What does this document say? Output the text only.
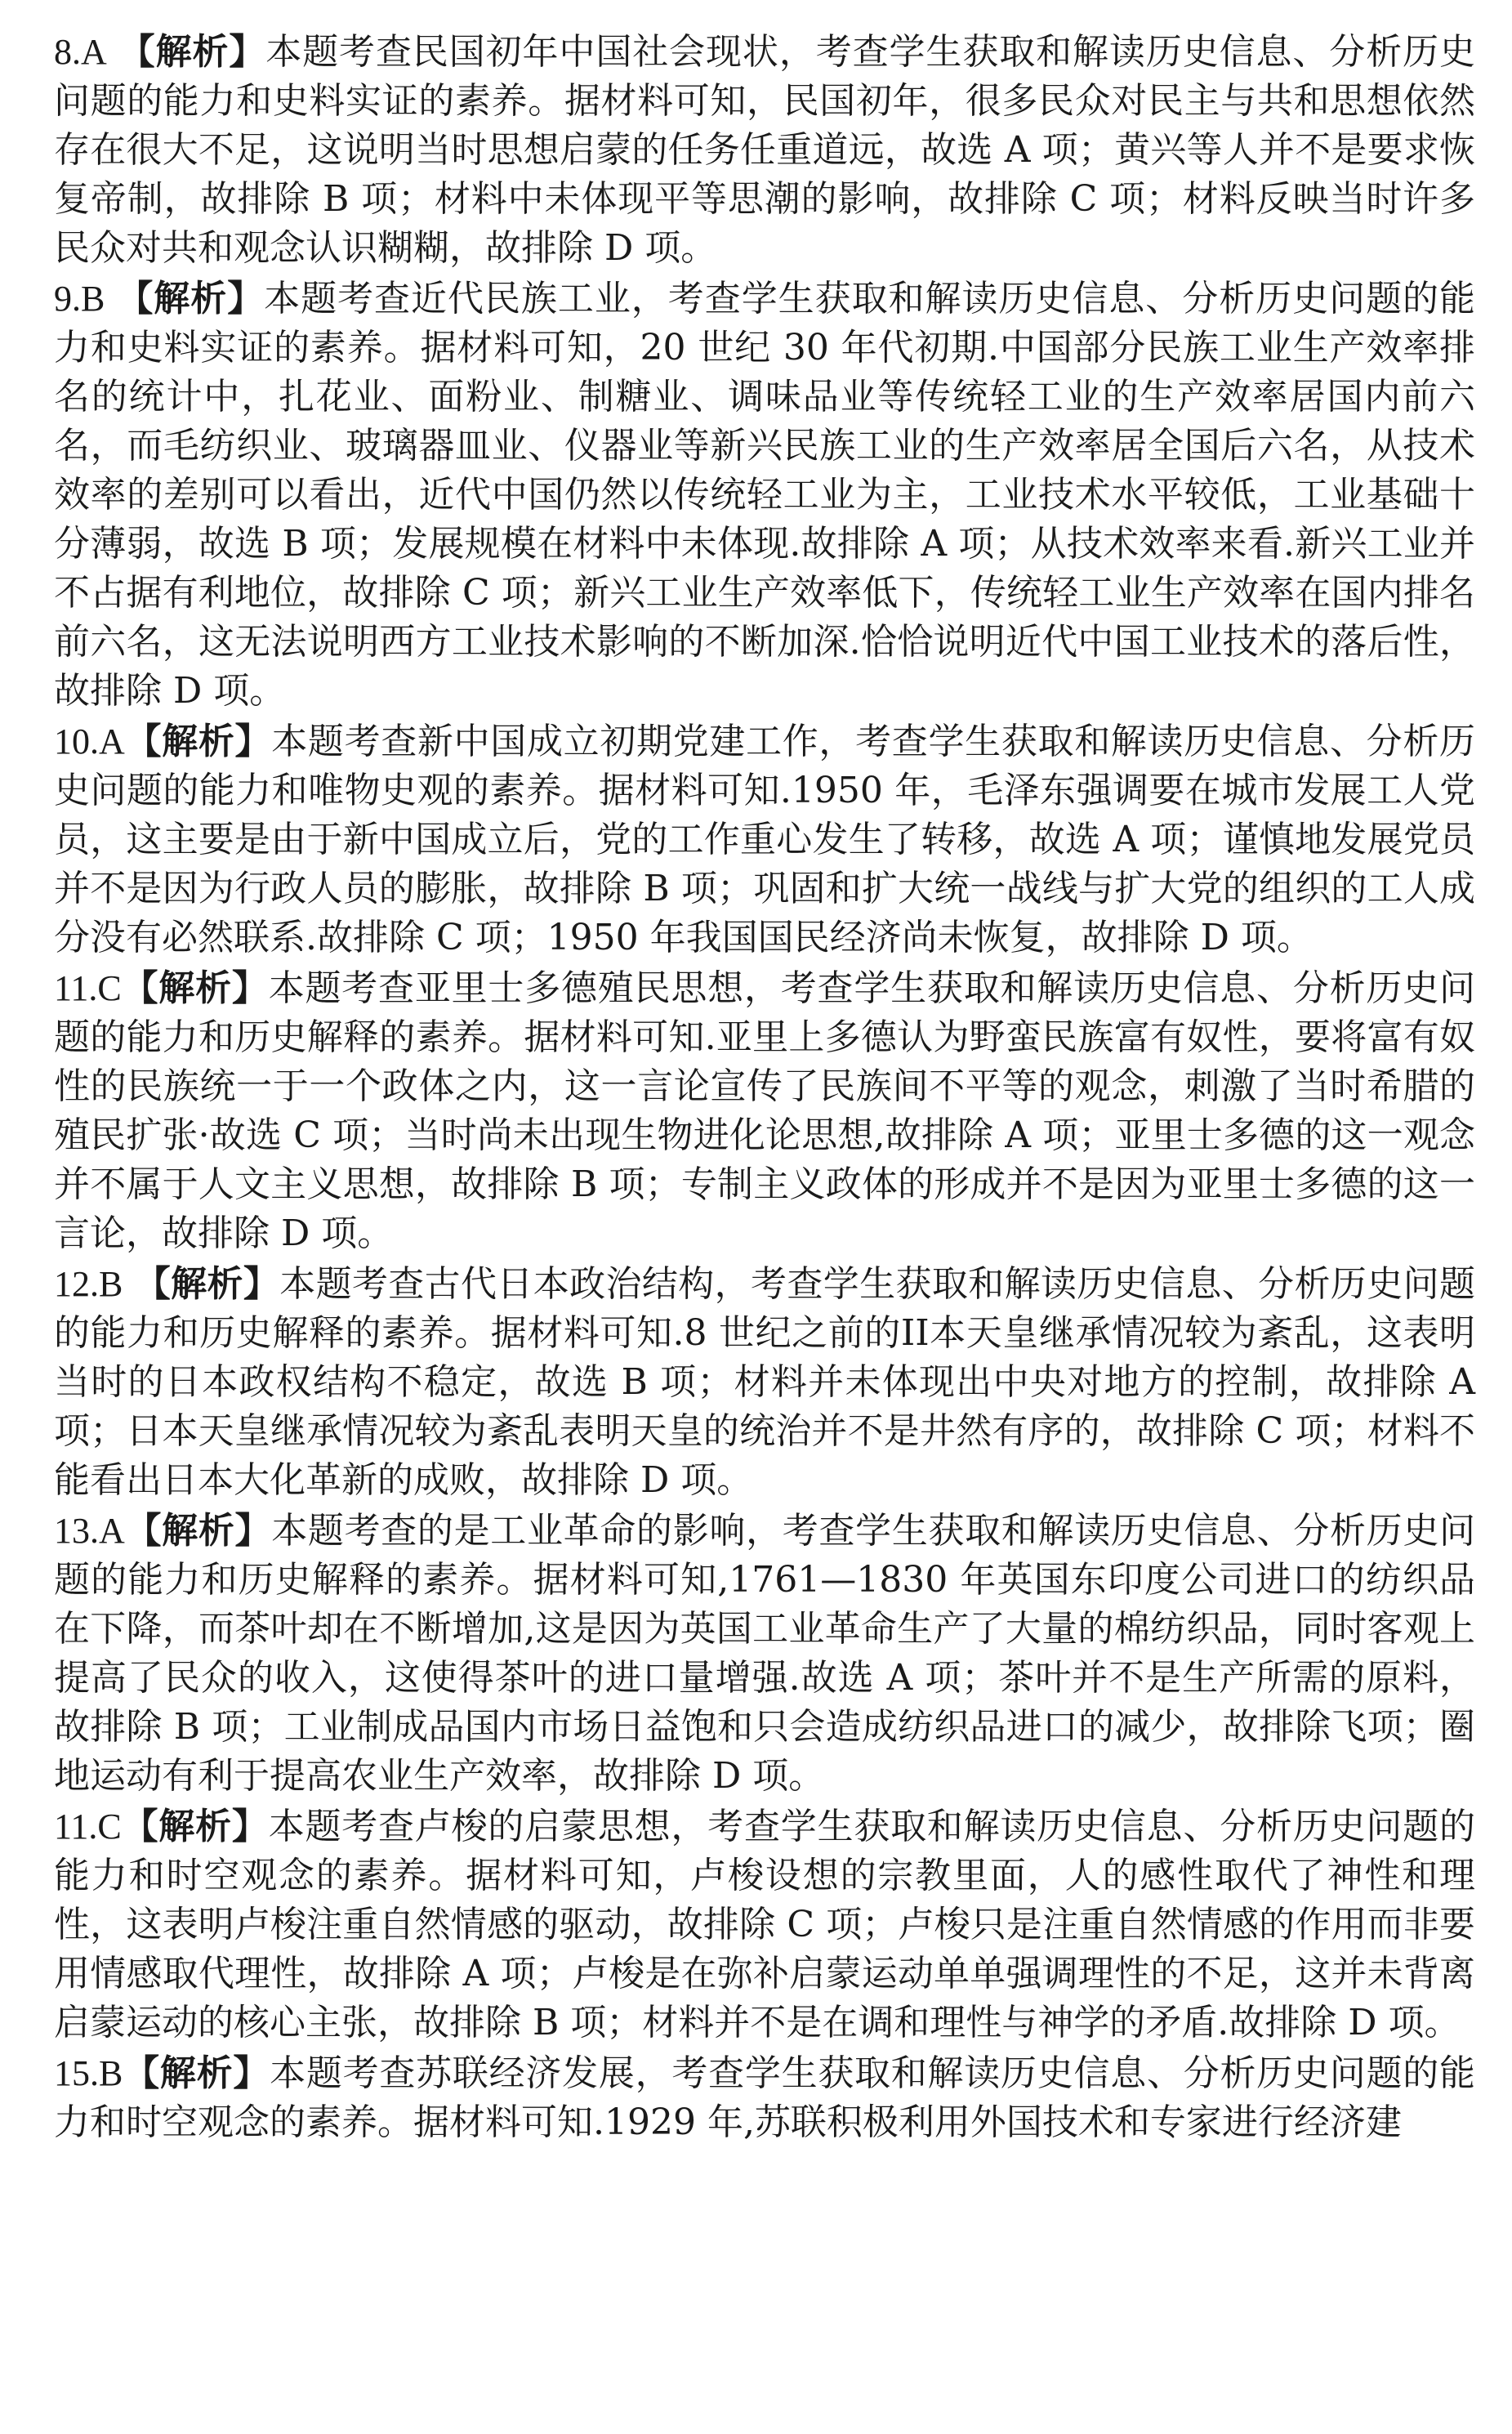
8.A 【解析】本题考查民国初年中国社会现状，考查学生获取和解读历史信息、分析历史问题的能力和史料实证的素养。据材料可知，民国初年，很多民众对民主与共和思想依然存在很大不足，这说明当时思想启蒙的任务任重道远，故选 A 项；黄兴等人并不是要求恢复帝制，故排除 B 项；材料中未体现平等思潮的影响，故排除 C 项；材料反映当时许多民众对共和观念认识糊糊，故排除 D 项。

9.B 【解析】本题考查近代民族工业，考查学生获取和解读历史信息、分析历史问题的能力和史料实证的素养。据材料可知，20 世纪 30 年代初期.中国部分民族工业生产效率排名的统计中，扎花业、面粉业、制糖业、调味品业等传统轻工业的生产效率居国内前六名，而毛纺织业、玻璃器皿业、仪器业等新兴民族工业的生产效率居全国后六名，从技术效率的差别可以看出，近代中国仍然以传统轻工业为主，工业技术水平较低，工业基础十分薄弱，故选 B 项；发展规模在材料中未体现.故排除 A 项；从技术效率来看.新兴工业并不占据有利地位，故排除 C 项；新兴工业生产效率低下，传统轻工业生产效率在国内排名前六名，这无法说明西方工业技术影响的不断加深.恰恰说明近代中国工业技术的落后性，故排除 D 项。

10.A【解析】本题考查新中国成立初期党建工作，考查学生获取和解读历史信息、分析历史问题的能力和唯物史观的素养。据材料可知.1950 年，毛泽东强调要在城市发展工人党员，这主要是由于新中国成立后，党的工作重心发生了转移，故选 A 项；谨慎地发展党员并不是因为行政人员的膨胀，故排除 B 项；巩固和扩大统一战线与扩大党的组织的工人成分没有必然联系.故排除 C 项；1950 年我国国民经济尚未恢复，故排除 D 项。

11.C【解析】本题考查亚里士多德殖民思想，考查学生获取和解读历史信息、分析历史问题的能力和历史解释的素养。据材料可知.亚里上多德认为野蛮民族富有奴性，要将富有奴性的民族统一于一个政体之内，这一言论宣传了民族间不平等的观念，刺激了当时希腊的殖民扩张·故选 C 项；当时尚未出现生物进化论思想,故排除 A 项；亚里士多德的这一观念并不属于人文主义思想，故排除 B 项；专制主义政体的形成并不是因为亚里士多德的这一言论，故排除 D 项。

12.B 【解析】本题考查古代日本政治结构，考查学生获取和解读历史信息、分析历史问题的能力和历史解释的素养。据材料可知.8 世纪之前的II本天皇继承情况较为紊乱，这表明当时的日本政权结构不稳定，故选 B 项；材料并未体现出中央对地方的控制，故排除 A 项；日本天皇继承情况较为紊乱表明天皇的统治并不是井然有序的，故排除 C 项；材料不能看出日本大化革新的成败，故排除 D 项。

13.A【解析】本题考查的是工业革命的影响，考查学生获取和解读历史信息、分析历史问题的能力和历史解释的素养。据材料可知,1761—1830 年英国东印度公司进口的纺织品在下降，而茶叶却在不断增加,这是因为英国工业革命生产了大量的棉纺织品，同时客观上提高了民众的收入，这使得茶叶的进口量增强.故选 A 项；茶叶并不是生产所需的原料，故排除 B 项；工业制成品国内市场日益饱和只会造成纺织品进口的减少，故排除飞项；圈地运动有利于提高农业生产效率，故排除 D 项。

11.C【解析】本题考查卢梭的启蒙思想，考查学生获取和解读历史信息、分析历史问题的能力和时空观念的素养。据材料可知，卢梭设想的宗教里面，人的感性取代了神性和理性，这表明卢梭注重自然情感的驱动，故排除 C 项；卢梭只是注重自然情感的作用而非要用情感取代理性，故排除 A 项；卢梭是在弥补启蒙运动单单强调理性的不足，这并未背离启蒙运动的核心主张，故排除 B 项；材料并不是在调和理性与神学的矛盾.故排除 D 项。

15.B【解析】本题考查苏联经济发展，考查学生获取和解读历史信息、分析历史问题的能力和时空观念的素养。据材料可知.1929 年,苏联积极利用外国技术和专家进行经济建
